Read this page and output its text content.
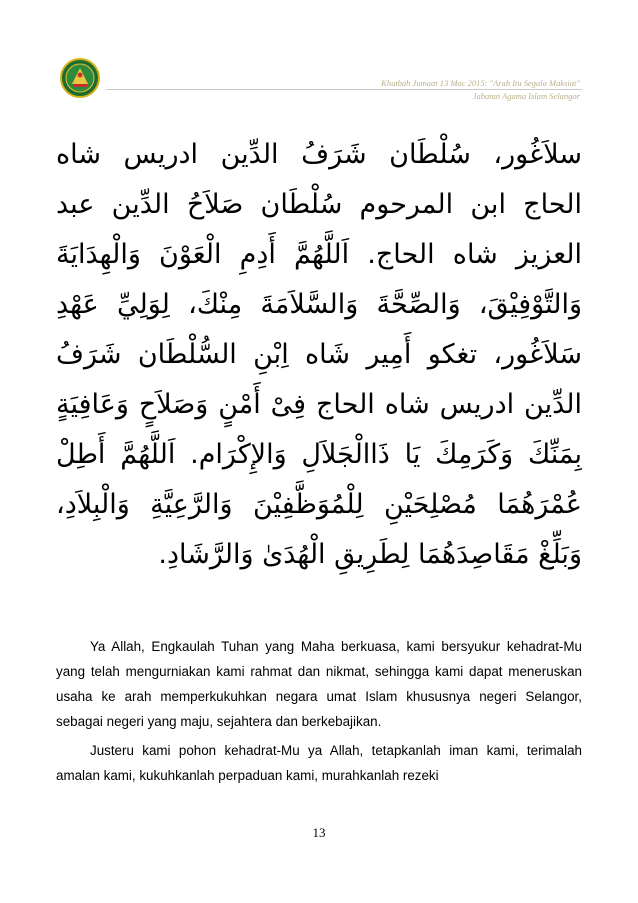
Khutbah Jumaat 13 Mac 2015: "Arah Itu Segala Maksiat"
Jabatan Agama Islam Selangor
سلاَغُور، سُلْطَان شَرَفُ الدِّين ادريس شاه
الحاج ابن المرحوم سُلْطَان صَلاَحُ الدِّين عبد
العزيز شاه الحاج. اَللَّهُمَّ أَدِمِ الْعَوْنَ وَالْهِدَايَةَ
وَالتَّوْفِيْقَ، وَالصِّحَّةَ وَالسَّلاَمَةَ مِنْكَ، لِوَلِيِّ عَهْدِ
سَلاَغُور، تغكو أَمِير شَاه اِبْنِ السُّلْطَان شَرَفُ
الدِّين ادريس شاه الحاج فِىْ أَمْنٍ وَصَلاَحٍ وَعَافِيَةٍ
بِمَنِّكَ وَكَرَمِكَ يَا ذَاالْجَلاَلِ وَالإِكْرَام. اَللَّهُمَّ أَطِلْ
عُمْرَهُمَا مُصْلِحَيْنِ لِلْمُوَظَّفِيْنَ وَالرَّعِيَّةِ وَالْبِلاَدِ،
وَبَلِّغْ مَقَاصِدَهُمَا لِطَرِيقِ الْهُدَىٰ وَالرَّشَادِ.

Ya Allah, Engkaulah Tuhan yang Maha berkuasa, kami bersyukur kehadrat-Mu yang telah mengurniakan kami rahmat dan nikmat, sehingga kami dapat meneruskan usaha ke arah memperkukuhkan negara umat Islam khususnya negeri Selangor, sebagai negeri yang maju, sejahtera dan berkebajikan.

Justeru kami pohon kehadrat-Mu ya Allah, tetapkanlah iman kami, terimalah amalan kami, kukuhkanlah perpaduan kami, murahkanlah rezeki

13
